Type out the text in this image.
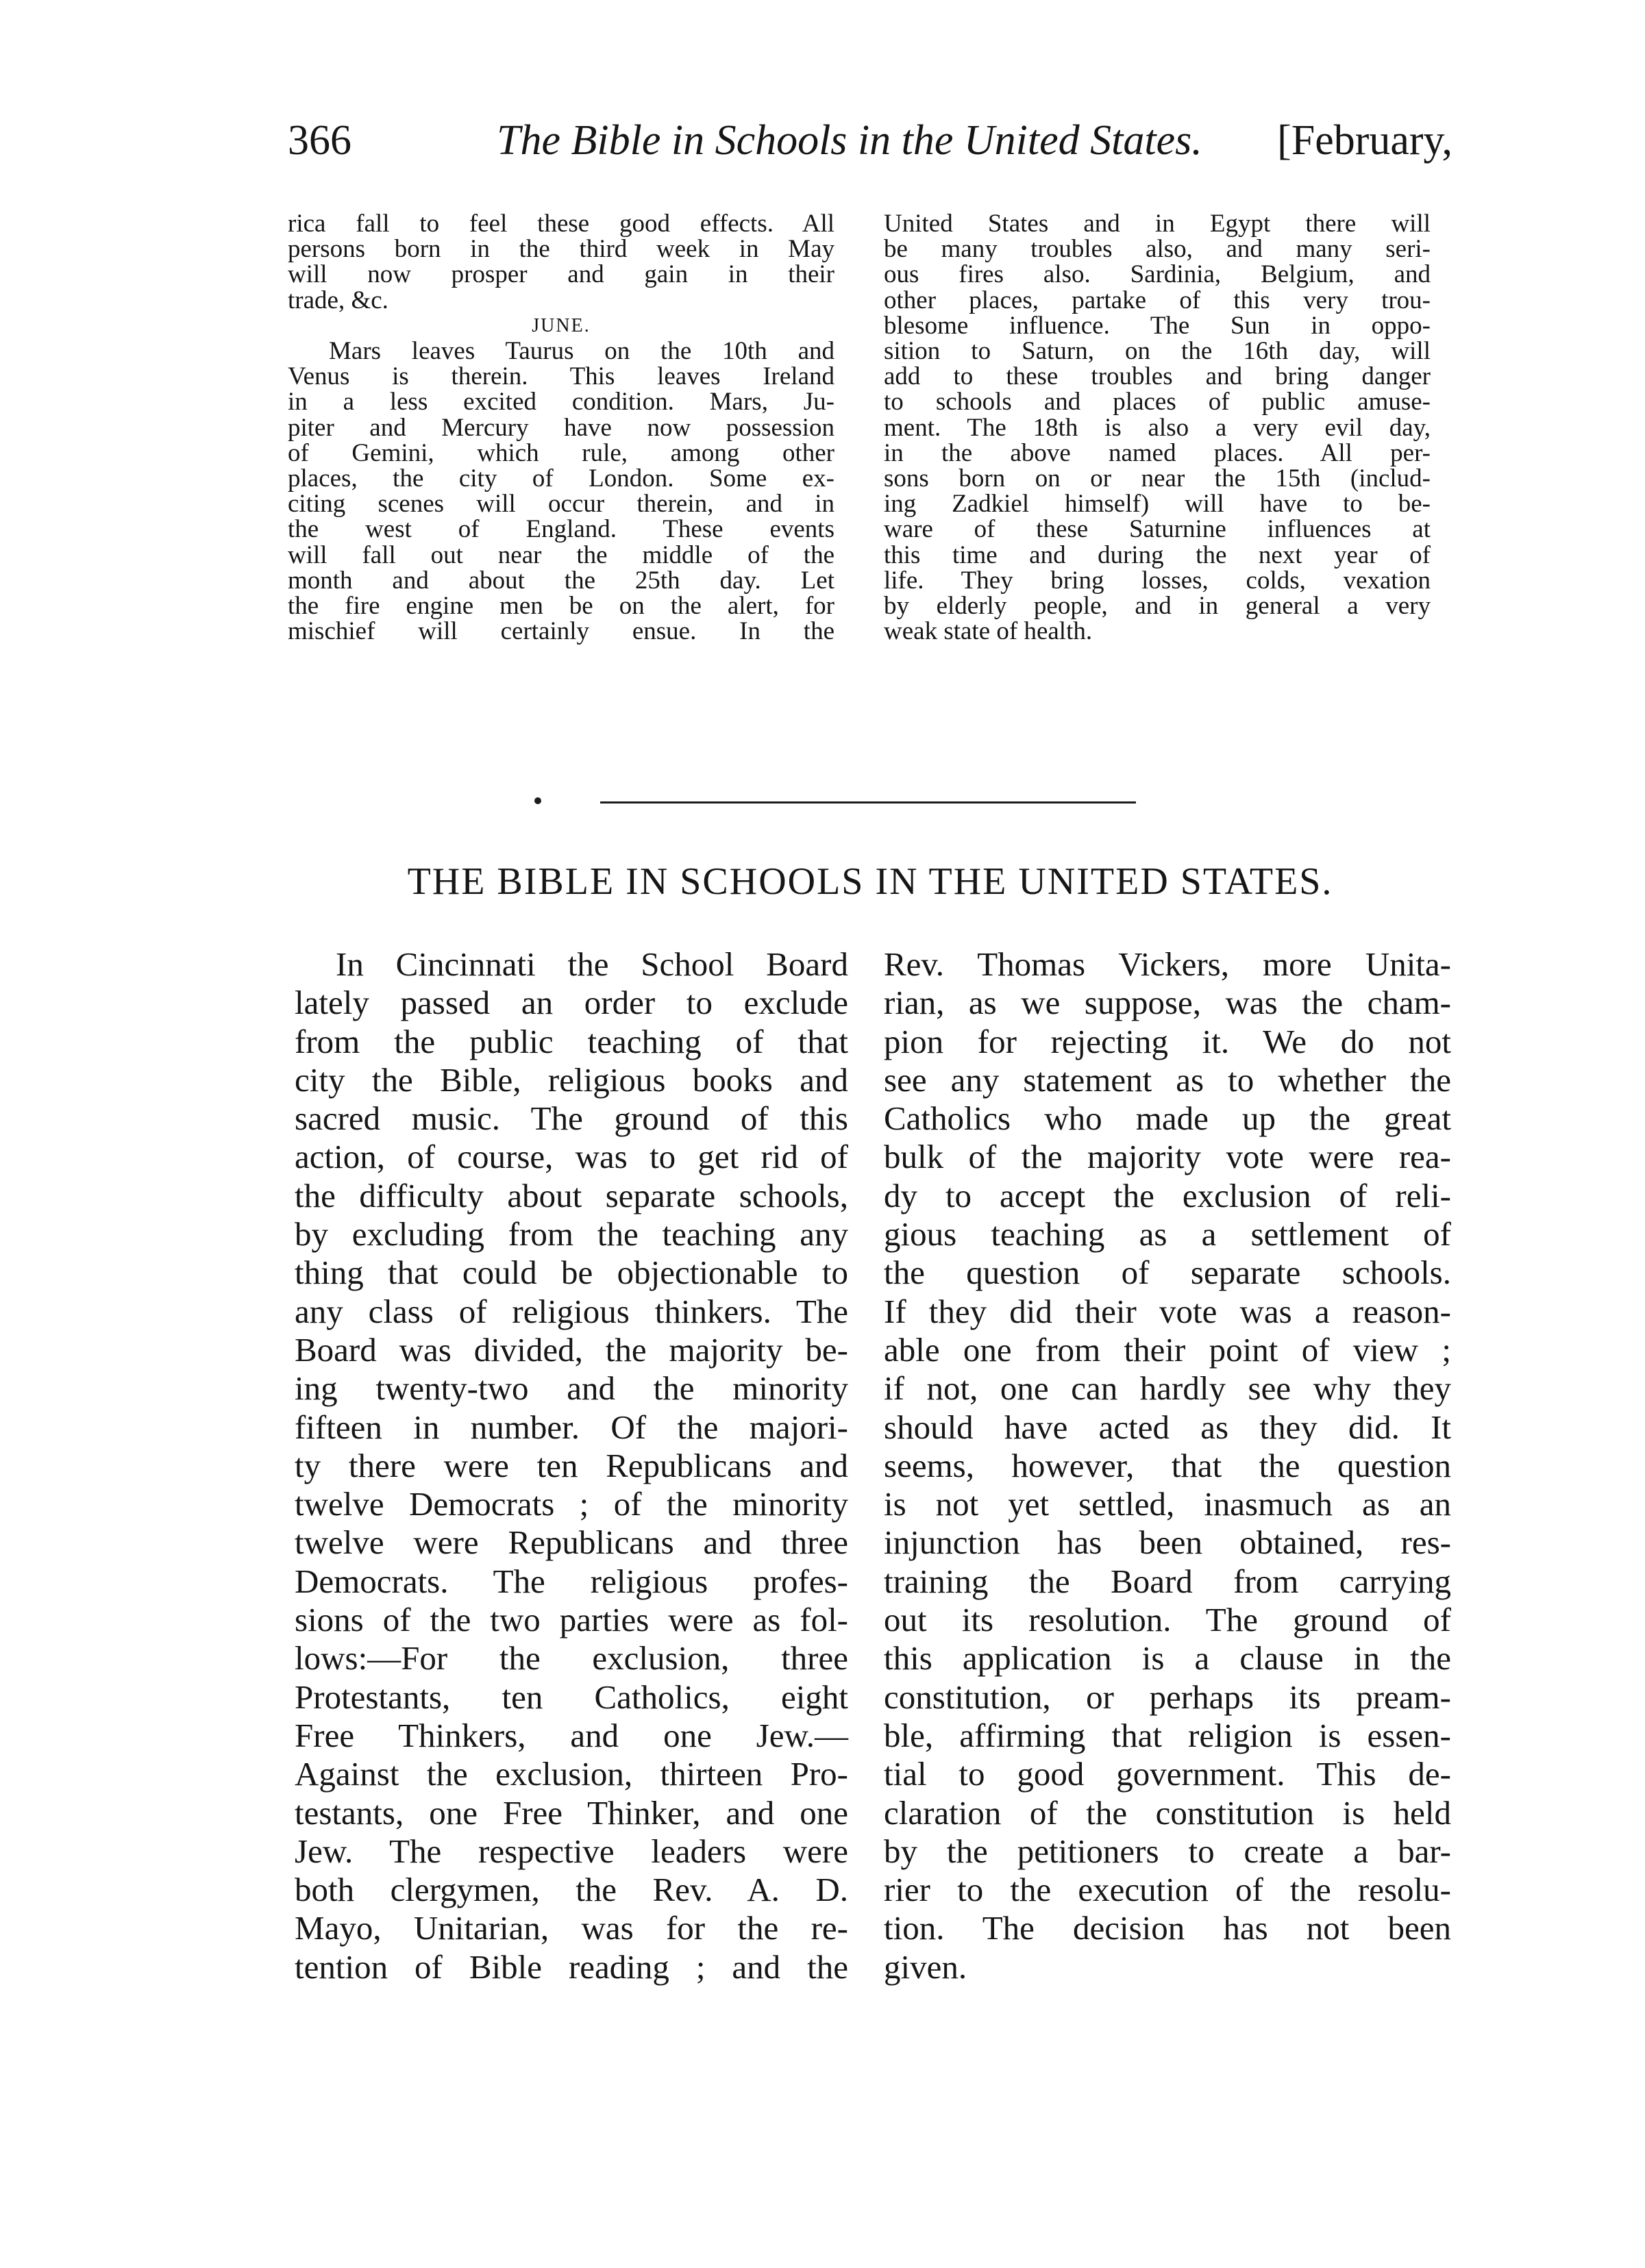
366	The Bible in Schools in the United States. [February,
rica fall to feel these good effects. All
persons born in the third week in May
will now prosper and gain in their
trade, &c.
JUNE.
Mars leaves Taurus on the 10th and
Venus is therein. This leaves Ireland
in a less excited condition. Mars, Ju-
piter and Mercury have now possession
of Gemini, which rule, among other
places, the city of London. Some ex-
citing scenes will occur therein, and in
the west of England. These events
will fall out near the middle of the
month and about the 25th day. Let
the fire engine men be on the alert, for
mischief will certainly ensue. In the
United States and in Egypt there will
be many troubles also, and many seri-
ous fires also. Sardinia, Belgium, and
other places, partake of this very trou-
blesome influence. The Sun in oppo-
sition to Saturn, on the 16th day, will
add to these troubles and bring danger
to schools and places of public amuse-
ment. The 18th is also a very evil day,
in the above named places. All per-
sons born on or near the 15th (includ-
ing Zadkiel himself) will have to be-
ware of these Saturnine influences at
this time and during the next year of
life. They bring losses, colds, vexation
by elderly people, and in general a very
weak state of health.
THE BIBLE IN SCHOOLS IN THE UNITED STATES.
In Cincinnati the School Board
lately passed an order to exclude
from the public teaching of that
city the Bible, religious books and
sacred music. The ground of this
action, of course, was to get rid of
the difficulty about separate schools,
by excluding from the teaching any
thing that could be objectionable to
any class of religious thinkers. The
Board was divided, the majority be-
ing twenty-two and the minority
fifteen in number. Of the majori-
ty there were ten Republicans and
twelve Democrats ; of the minority
twelve were Republicans and three
Democrats. The religious profes-
sions of the two parties were as fol-
lows:—For the exclusion, three
Protestants, ten Catholics, eight
Free Thinkers, and one Jew.—
Against the exclusion, thirteen Pro-
testants, one Free Thinker, and one
Jew. The respective leaders were
both clergymen, the Rev. A. D.
Mayo, Unitarian, was for the re-
tention of Bible reading ; and the
Rev. Thomas Vickers, more Unita-
rian, as we suppose, was the cham-
pion for rejecting it. We do not
see any statement as to whether the
Catholics who made up the great
bulk of the majority vote were rea-
dy to accept the exclusion of reli-
gious teaching as a settlement of
the question of separate schools.
If they did their vote was a reason-
able one from their point of view ;
if not, one can hardly see why they
should have acted as they did. It
seems, however, that the question
is not yet settled, inasmuch as an
injunction has been obtained, res-
training the Board from carrying
out its resolution. The ground of
this application is a clause in the
constitution, or perhaps its pream-
ble, affirming that religion is essen-
tial to good government. This de-
claration of the constitution is held
by the petitioners to create a bar-
rier to the execution of the resolu-
tion. The decision has not been
given.
